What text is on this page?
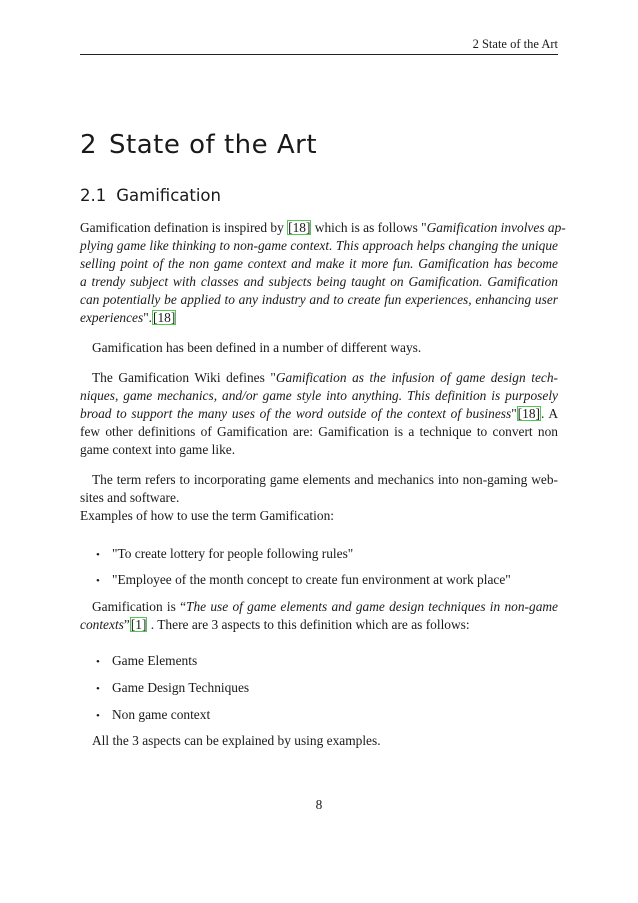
2 State of the Art
2 State of the Art
2.1 Gamification
Gamification defination is inspired by [18] which is as follows "Gamification involves ap-
plying game like thinking to non-game context. This approach helps changing the unique
selling point of the non game context and make it more fun. Gamification has become
a trendy subject with classes and subjects being taught on Gamification. Gamification
can potentially be applied to any industry and to create fun experiences, enhancing user
experiences".[18]
Gamification has been defined in a number of different ways.
The Gamification Wiki defines "Gamification as the infusion of game design tech-
niques, game mechanics, and/or game style into anything. This definition is purposely
broad to support the many uses of the word outside of the context of business"[18]. A
few other definitions of Gamification are: Gamification is a technique to convert non
game context into game like.
The term refers to incorporating game elements and mechanics into non-gaming web-
sites and software.
Examples of how to use the term Gamification:
• "To create lottery for people following rules"
• "Employee of the month concept to create fun environment at work place"
Gamification is “The use of game elements and game design techniques in non-game
contexts”[1] . There are 3 aspects to this definition which are as follows:
• Game Elements
• Game Design Techniques
• Non game context
All the 3 aspects can be explained by using examples.
8
